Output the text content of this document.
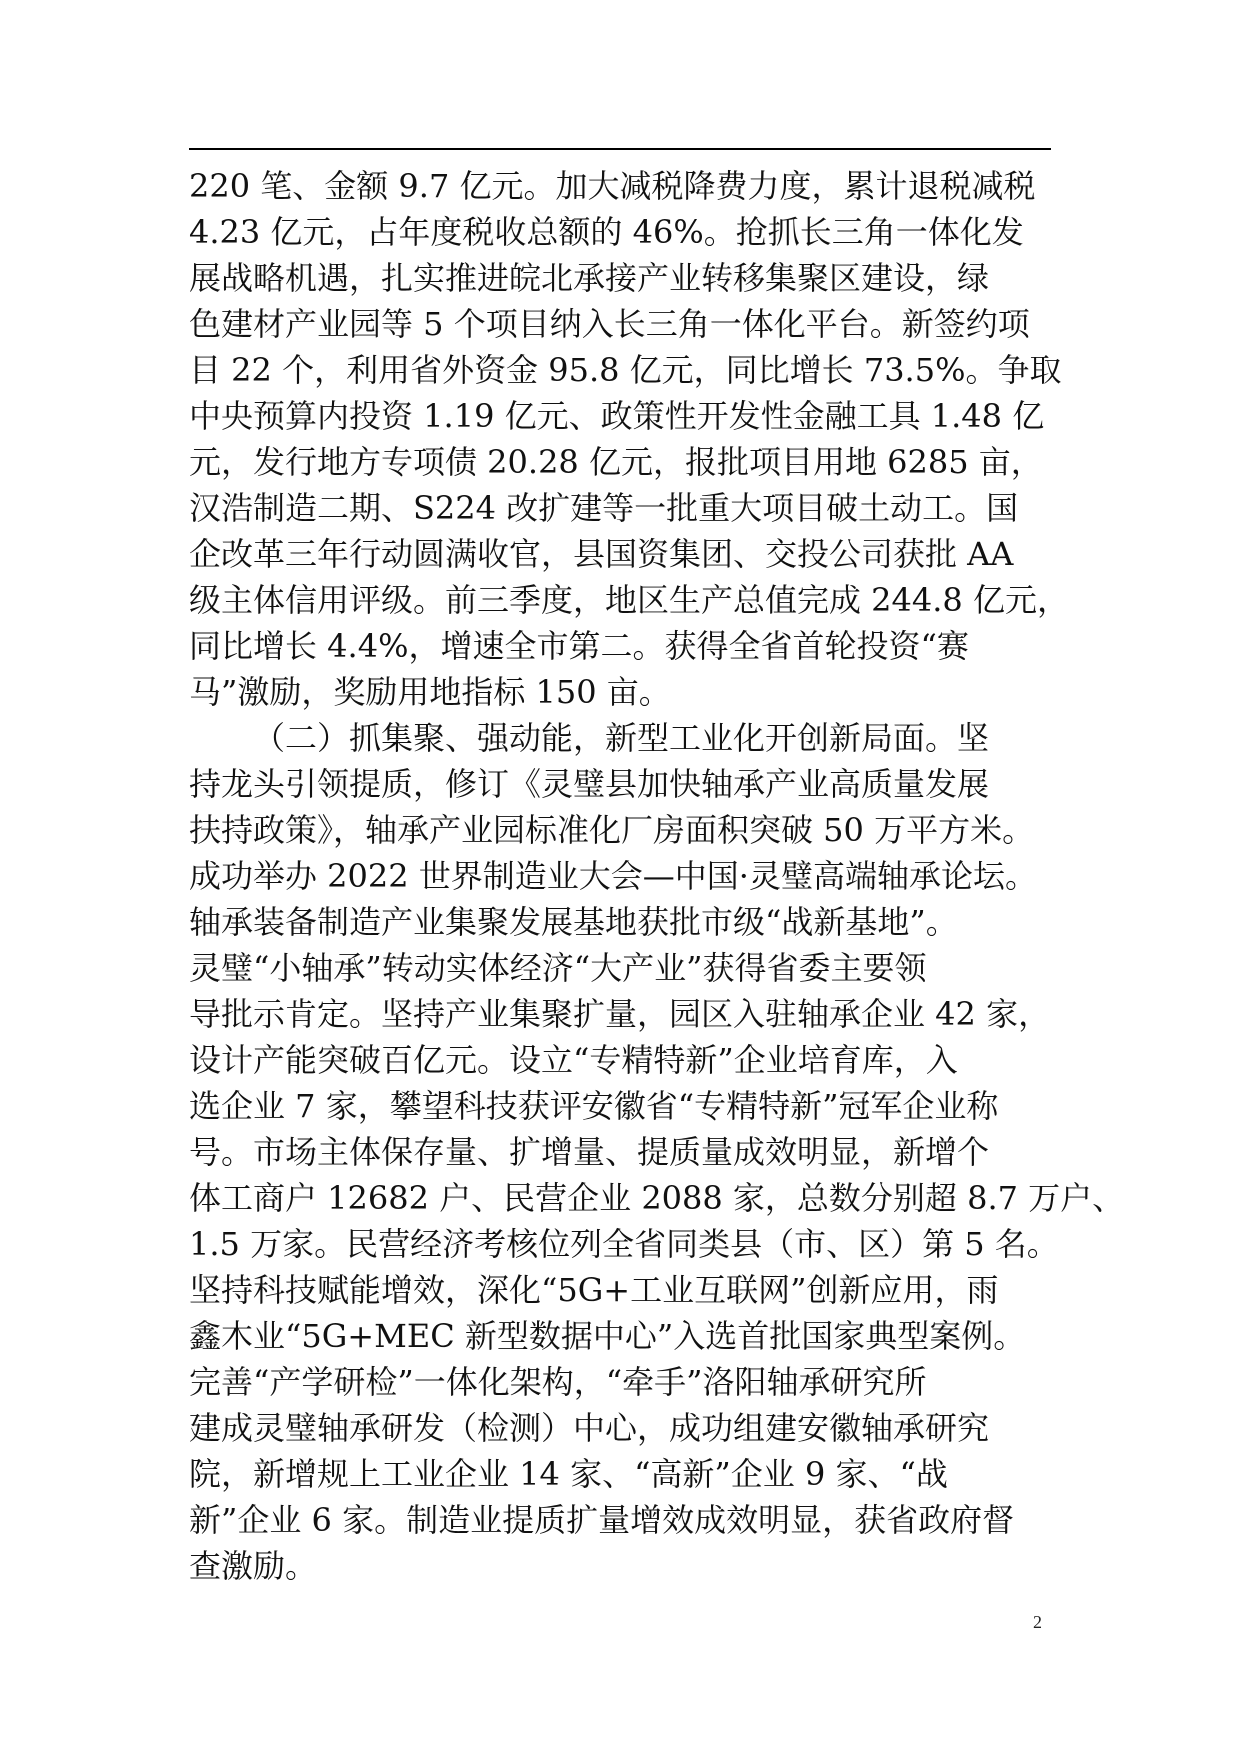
220 笔、金额 9.7 亿元。加大减税降费力度，累计退税减税
4.23 亿元，占年度税收总额的 46%。抢抓长三角一体化发
展战略机遇，扎实推进皖北承接产业转移集聚区建设，绿
色建材产业园等 5 个项目纳入长三角一体化平台。新签约项
目 22 个，利用省外资金 95.8 亿元，同比增长 73.5%。争取
中央预算内投资 1.19 亿元、政策性开发性金融工具 1.48 亿
元，发行地方专项债 20.28 亿元，报批项目用地 6285 亩，
汉浩制造二期、S224 改扩建等一批重大项目破土动工。国
企改革三年行动圆满收官，县国资集团、交投公司获批 AA
级主体信用评级。前三季度，地区生产总值完成 244.8 亿元，
同比增长 4.4%，增速全市第二。获得全省首轮投资“赛
马”激励，奖励用地指标 150 亩。
（二）抓集聚、强动能，新型工业化开创新局面。坚
持龙头引领提质，修订《灵璧县加快轴承产业高质量发展
扶持政策》，轴承产业园标准化厂房面积突破 50 万平方米。
成功举办 2022 世界制造业大会—中国·灵璧高端轴承论坛。
轴承装备制造产业集聚发展基地获批市级“战新基地”。
灵璧“小轴承”转动实体经济“大产业”获得省委主要领
导批示肯定。坚持产业集聚扩量，园区入驻轴承企业 42 家，
设计产能突破百亿元。设立“专精特新”企业培育库，入
选企业 7 家，攀望科技获评安徽省“专精特新”冠军企业称
号。市场主体保存量、扩增量、提质量成效明显，新增个
体工商户 12682 户、民营企业 2088 家，总数分别超 8.7 万户、
1.5 万家。民营经济考核位列全省同类县（市、区）第 5 名。
坚持科技赋能增效，深化“5G+工业互联网”创新应用，雨
鑫木业“5G+MEC 新型数据中心”入选首批国家典型案例。
完善“产学研检”一体化架构，“牵手”洛阳轴承研究所
建成灵璧轴承研发（检测）中心，成功组建安徽轴承研究
院，新增规上工业企业 14 家、“高新”企业 9 家、“战
新”企业 6 家。制造业提质扩量增效成效明显，获省政府督
查激励。
2
